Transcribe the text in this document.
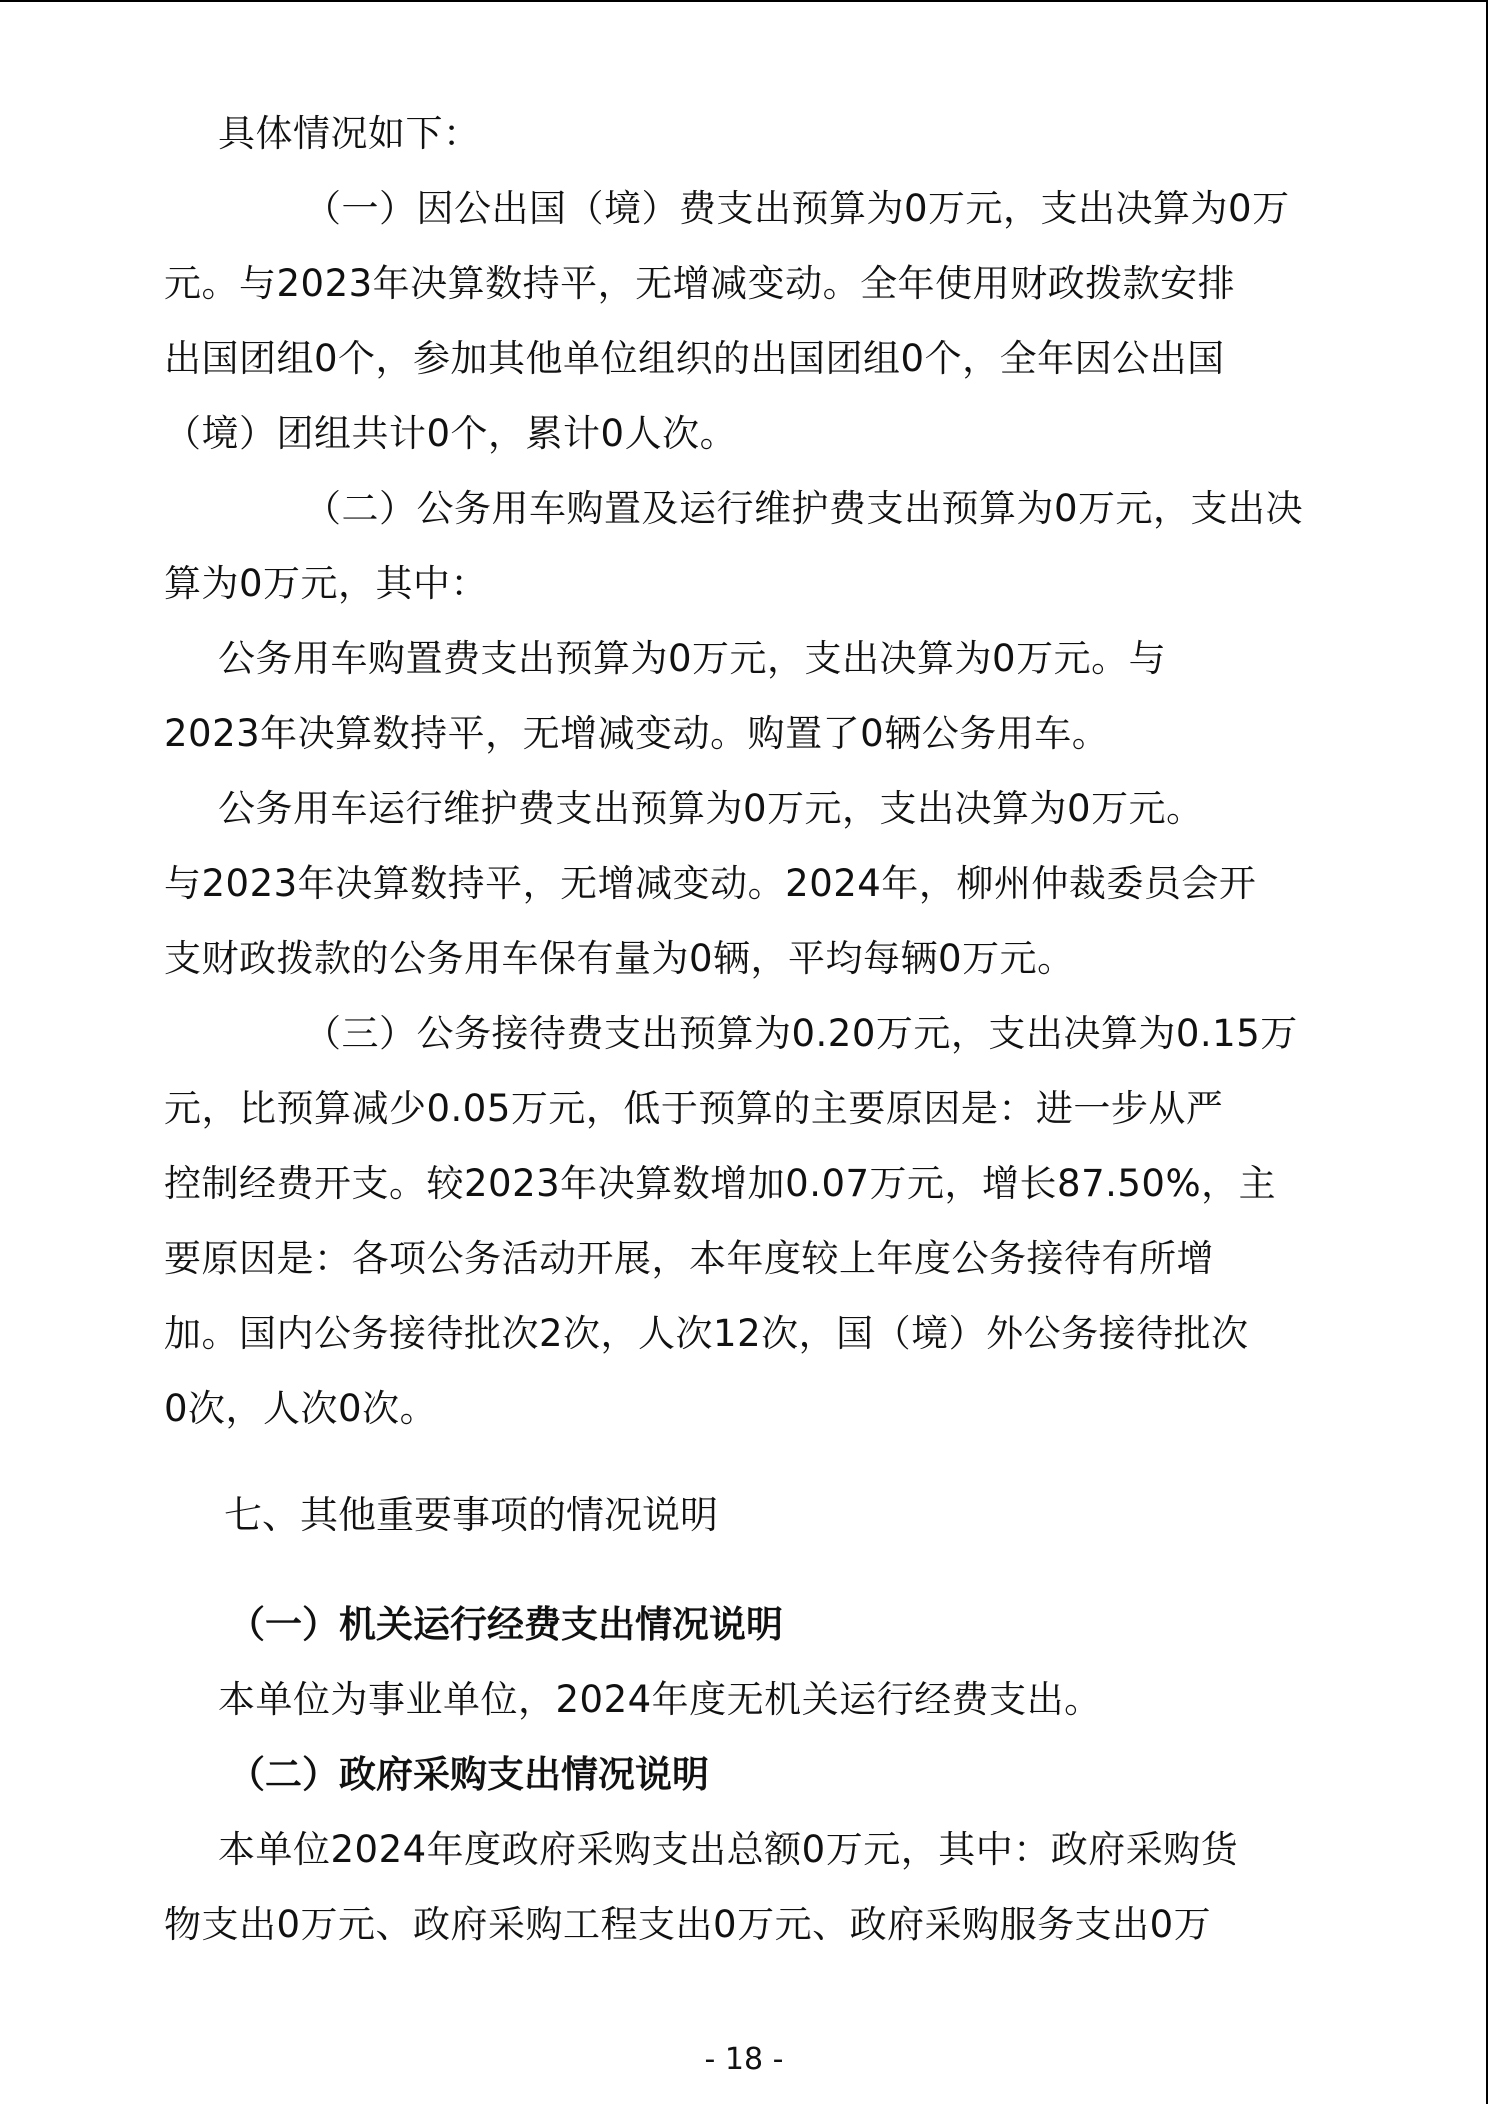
具体情况如下：

（一）因公出国（境）费支出预算为0万元，支出决算为0万

元。与2023年决算数持平，无增减变动。全年使用财政拨款安排

出国团组0个，参加其他单位组织的出国团组0个，全年因公出国

（境）团组共计0个，累计0人次。

（二）公务用车购置及运行维护费支出预算为0万元，支出决

算为0万元，其中：

公务用车购置费支出预算为0万元，支出决算为0万元。与

2023年决算数持平，无增减变动。购置了0辆公务用车。

公务用车运行维护费支出预算为0万元，支出决算为0万元。

与2023年决算数持平，无增减变动。2024年，柳州仲裁委员会开

支财政拨款的公务用车保有量为0辆，平均每辆0万元。

（三）公务接待费支出预算为0.20万元，支出决算为0.15万

元，比预算减少0.05万元，低于预算的主要原因是：进一步从严

控制经费开支。较2023年决算数增加0.07万元，增长87.50%，主

要原因是：各项公务活动开展，本年度较上年度公务接待有所增

加。国内公务接待批次2次，人次12次，国（境）外公务接待批次

0次，人次0次。

七、其他重要事项的情况说明

（一）机关运行经费支出情况说明

本单位为事业单位，2024年度无机关运行经费支出。

（二）政府采购支出情况说明

本单位2024年度政府采购支出总额0万元，其中：政府采购货

物支出0万元、政府采购工程支出0万元、政府采购服务支出0万

- 18 -
